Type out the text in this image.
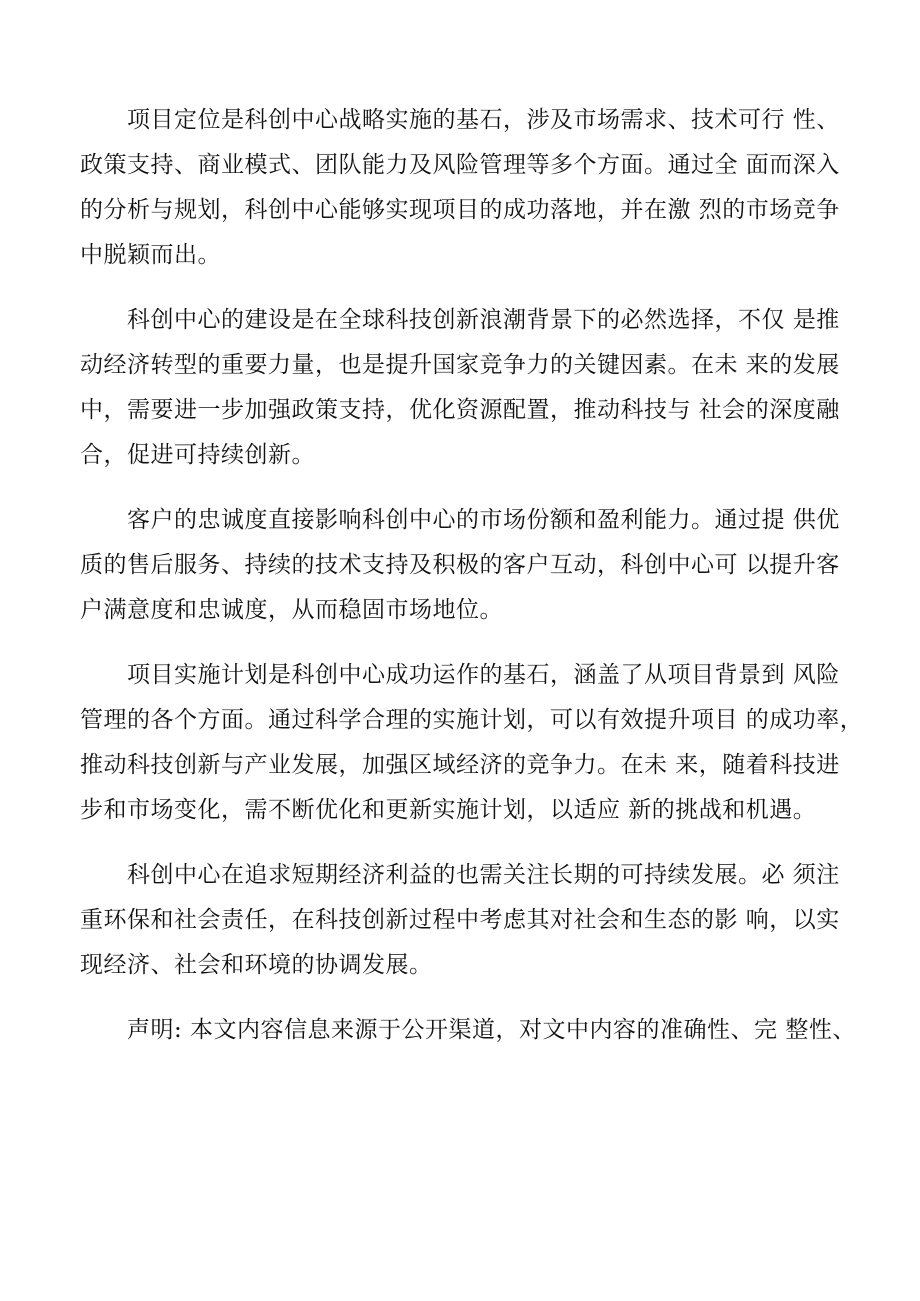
项目定位是科创中心战略实施的基石，涉及市场需求、技术可行 性、
政策支持、商业模式、团队能力及风险管理等多个方面。通过全 面而深入
的分析与规划，科创中心能够实现项目的成功落地，并在激 烈的市场竞争
中脱颖而出。

科创中心的建设是在全球科技创新浪潮背景下的必然选择，不仅 是推
动经济转型的重要力量，也是提升国家竞争力的关键因素。在未 来的发展
中，需要进一步加强政策支持，优化资源配置，推动科技与 社会的深度融
合，促进可持续创新。

客户的忠诚度直接影响科创中心的市场份额和盈利能力。通过提 供优
质的售后服务、持续的技术支持及积极的客户互动，科创中心可 以提升客
户满意度和忠诚度，从而稳固市场地位。

项目实施计划是科创中心成功运作的基石，涵盖了从项目背景到 风险
管理的各个方面。通过科学合理的实施计划，可以有效提升项目 的成功率，
推动科技创新与产业发展，加强区域经济的竞争力。在未 来，随着科技进
步和市场变化，需不断优化和更新实施计划，以适应 新的挑战和机遇。

科创中心在追求短期经济利益的也需关注长期的可持续发展。必 须注
重环保和社会责任，在科技创新过程中考虑其对社会和生态的影 响，以实
现经济、社会和环境的协调发展。

声明: 本文内容信息来源于公开渠道，对文中内容的准确性、完 整性、
